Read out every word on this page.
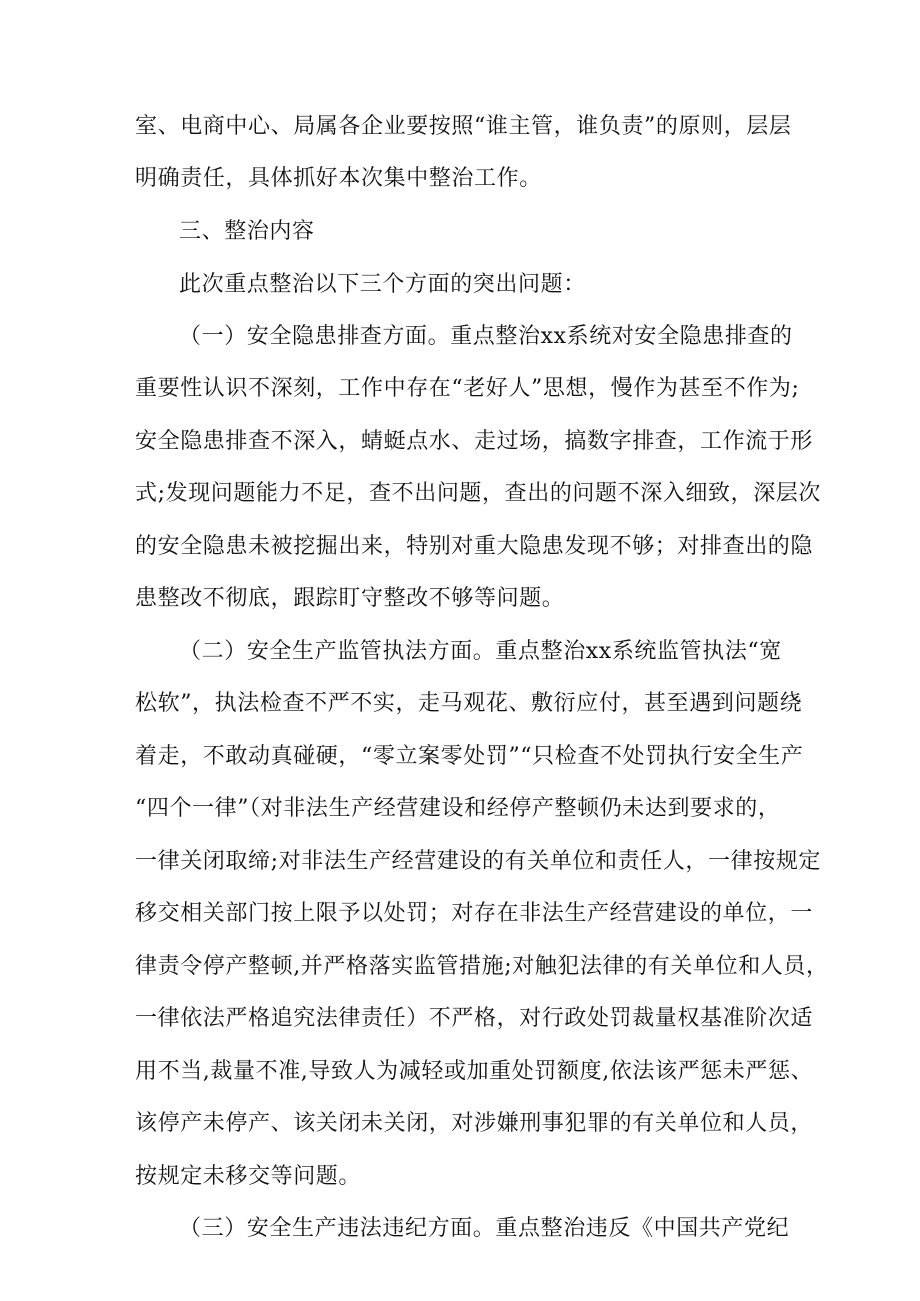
室、电商中心、局属各企业要按照“谁主管，谁负责”的原则，层层
明确责任，具体抓好本次集中整治工作。
三、整治内容
此次重点整治以下三个方面的突出问题：
（一）安全隐患排查方面。重点整治xx系统对安全隐患排查的
重要性认识不深刻，工作中存在“老好人”思想，慢作为甚至不作为;
安全隐患排查不深入，蜻蜓点水、走过场，搞数字排查，工作流于形
式;发现问题能力不足，查不出问题，查出的问题不深入细致，深层次
的安全隐患未被挖掘出来，特别对重大隐患发现不够；对排查出的隐
患整改不彻底，跟踪盯守整改不够等问题。
（二）安全生产监管执法方面。重点整治xx系统监管执法“宽
松软”，执法检查不严不实，走马观花、敷衍应付，甚至遇到问题绕
着走，不敢动真碰硬，“零立案零处罚”“只检查不处罚执行安全生产
“四个一律”（对非法生产经营建设和经停产整顿仍未达到要求的，
一律关闭取缔;对非法生产经营建设的有关单位和责任人，一律按规定
移交相关部门按上限予以处罚；对存在非法生产经营建设的单位，一
律责令停产整顿,并严格落实监管措施;对触犯法律的有关单位和人员，
一律依法严格追究法律责任）不严格，对行政处罚裁量权基准阶次适
用不当,裁量不准,导致人为减轻或加重处罚额度,依法该严惩未严惩、
该停产未停产、该关闭未关闭，对涉嫌刑事犯罪的有关单位和人员，
按规定未移交等问题。
（三）安全生产违法违纪方面。重点整治违反《中国共产党纪
